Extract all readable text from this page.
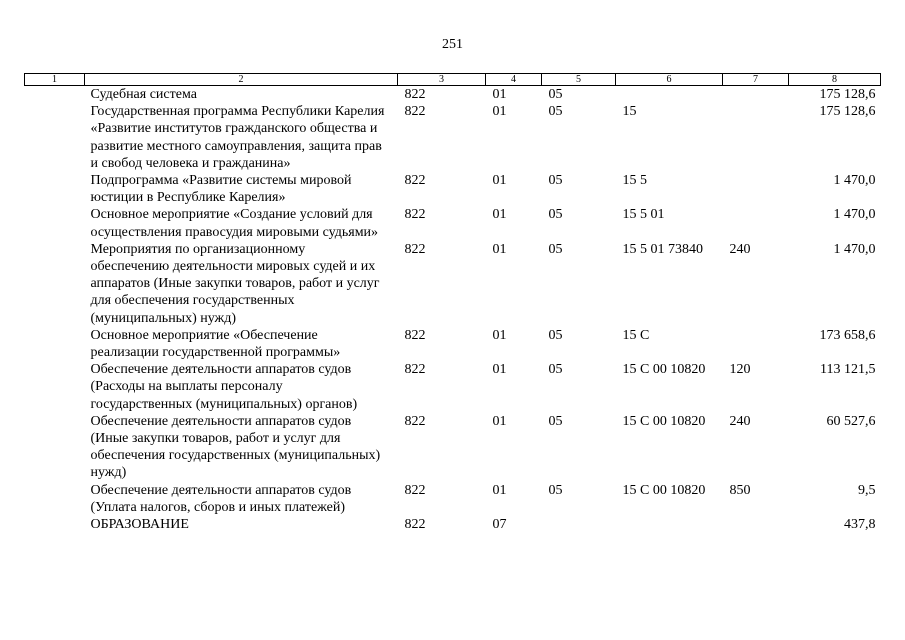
251
1	2	3	4	5	6	7	8
	Судебная система	822	01	05			175 128,6
	Государственная программа Республики Карелия «Развитие институтов гражданского общества и развитие местного самоуправления, защита прав и свобод человека и гражданина»	822	01	05	15		175 128,6
	Подпрограмма «Развитие системы мировой юстиции в Республике Карелия»	822	01	05	15 5		1 470,0
	Основное мероприятие «Создание условий для осуществления правосудия мировыми судьями»	822	01	05	15 5 01		1 470,0
	Мероприятия по организационному обеспечению деятельности мировых судей и их аппаратов (Иные закупки товаров, работ и услуг для обеспечения государственных (муниципальных) нужд)	822	01	05	15 5 01 73840	240	1 470,0
	Основное мероприятие «Обеспечение реализации государственной программы»	822	01	05	15 С		173 658,6
	Обеспечение деятельности аппаратов судов (Расходы на выплаты персоналу государственных (муниципальных) органов)	822	01	05	15 С 00 10820	120	113 121,5
	Обеспечение деятельности аппаратов судов (Иные закупки товаров, работ и услуг для обеспечения государственных (муниципальных) нужд)	822	01	05	15 С 00 10820	240	60 527,6
	Обеспечение деятельности аппаратов судов (Уплата налогов, сборов и иных платежей)	822	01	05	15 С 00 10820	850	9,5
	ОБРАЗОВАНИЕ	822	07				437,8
